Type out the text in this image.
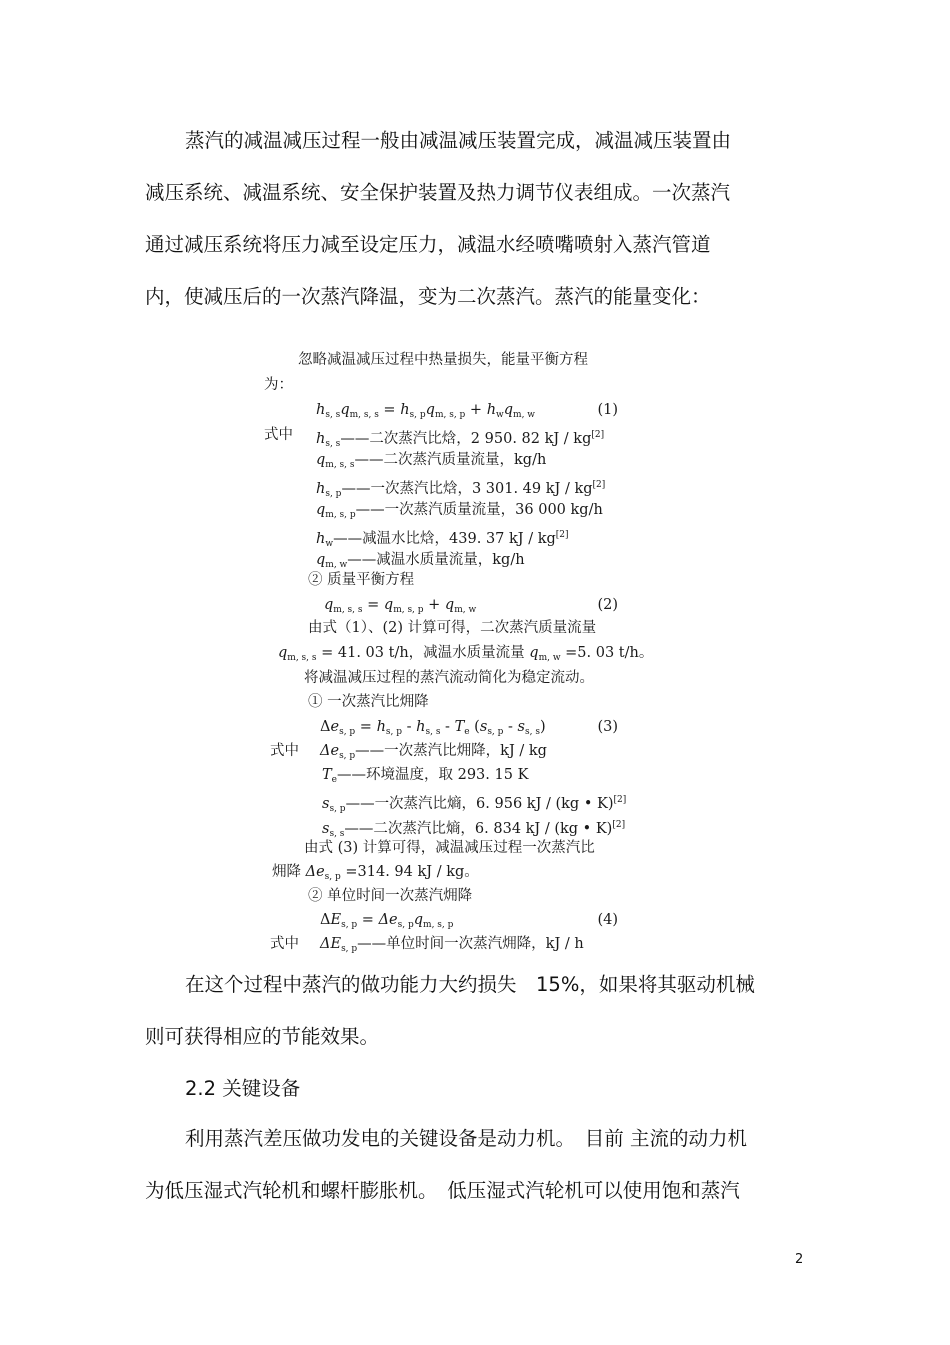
蒸汽的减温减压过程一般由减温减压装置完成，减温减压装置由
减压系统、减温系统、安全保护装置及热力调节仪表组成。一次蒸汽
通过减压系统将压力减至设定压力，减温水经喷嘴喷射入蒸汽管道
内，使减压后的一次蒸汽降温，变为二次蒸汽。蒸汽的能量变化：
忽略减温减压过程中热量损失，能量平衡方程
为：
$h_{s, s}q_{m, s, s} = h_{s, p}q_{m, s, p} + h_wq_{m, w}$	(1)
式中 $h_{s, s}——$二次蒸汽比焓，2 950. 82 kJ / kg[2]
$q_{m, s, s}——$二次蒸汽质量流量，kg/h
$h_{s, p}——$一次蒸汽比焓，3 301. 49 kJ / kg[2]
$q_{m, s, p}——$一次蒸汽质量流量，36 000 kg/h
$h_w——$减温水比焓，439. 37 kJ / kg[2]
$q_{m, w}——$减温水质量流量，kg/h
② 质量平衡方程
$q_{m, s, s} = q_{m, s, p} + q_{m, w}$	(2)
由式（1）、(2) 计算可得，二次蒸汽质量流量
$q_{m, s, s} = 41$. 03 t/h，减温水质量流量 $q_{m, w} =5$. 03 t/h。
将减温减压过程的蒸汽流动简化为稳定流动。
① 一次蒸汽比㶲降
$\Delta e_{s, p} = h_{s, p} - h_{s, s} - T_e$ $(s_{s, p} - s_{s, s})$	(3)
式中 $\Delta e_{s, p}——$一次蒸汽比㶲降，kJ / kg
$T_e——$环境温度，取 293. 15 K
$s_{s, p}——$一次蒸汽比熵，6. 956 kJ / (kg • K)[2]
$s_{s, s}——$二次蒸汽比熵，6. 834 kJ / (kg • K)[2]
由式 (3) 计算可得，减温减压过程一次蒸汽比
㶲降 $\Delta e_{s, p} =314$. 94 kJ / kg。
② 单位时间一次蒸汽㶲降
$\Delta E_{s, p} = \Delta e_{s, p}q_{m, s, p}$	(4)
式中 $\Delta E_{s, p}——$单位时间一次蒸汽㶲降，kJ / h
在这个过程中蒸汽的做功能力大约损失　15%，如果将其驱动机械
则可获得相应的节能效果。
2.2 关键设备
利用蒸汽差压做功发电的关键设备是动力机。　目前 主流的动力机
为低压湿式汽轮机和螺杆膨胀机。　低压湿式汽轮机可以使用饱和蒸汽
2
